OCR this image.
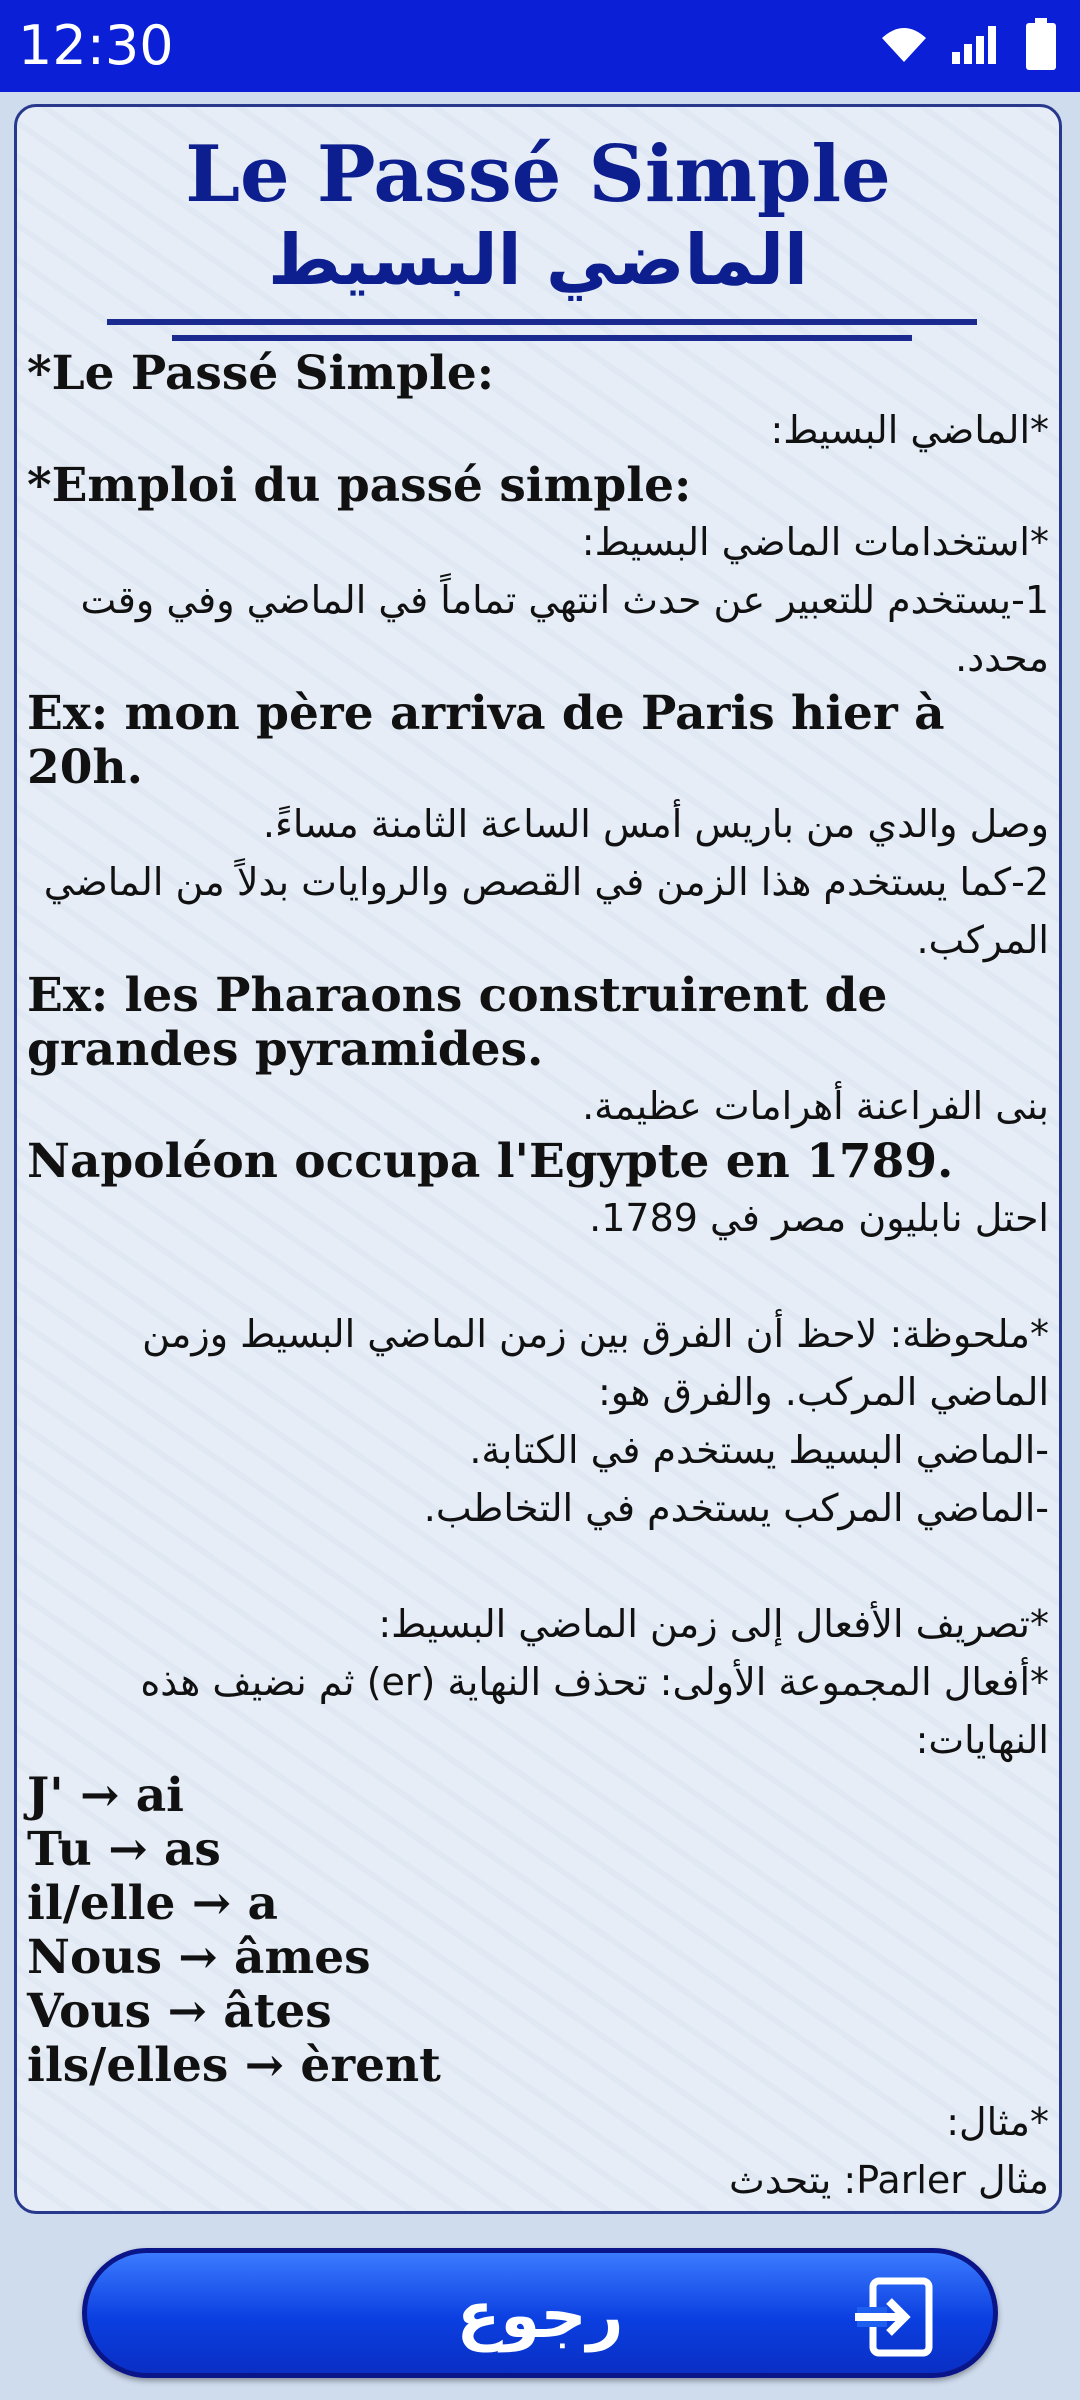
12:30
Le Passé Simple
الماضي البسيط
*Le Passé Simple:
*الماضي البسيط:
*Emploi du passé simple:
*استخدامات الماضي البسيط:
1-يستخدم للتعبير عن حدث انتهي تماماً في الماضي وفي وقت محدد.
Ex: mon père arriva de Paris hier à 20h.
وصل والدي من باريس أمس الساعة الثامنة مساءً.
2-كما يستخدم هذا الزمن في القصص والروايات بدلاً من الماضي المركب.
Ex: les Pharaons construirent de grandes pyramides.
بنى الفراعنة أهرامات عظيمة.
Napoléon occupa l'Egypte en 1789.
احتل نابليون مصر في 1789.
*ملحوظة: لاحظ أن الفرق بين زمن الماضي البسيط وزمن الماضي المركب. والفرق هو:
-الماضي البسيط يستخدم في الكتابة.
-الماضي المركب يستخدم في التخاطب.
*تصريف الأفعال إلى زمن الماضي البسيط:
*أفعال المجموعة الأولى: تحذف النهاية (er) ثم نضيف هذه النهايات:
J' → ai
Tu → as
il/elle → a
Nous → âmes
Vous → âtes
ils/elles → èrent
*مثال:
مثال Parler: يتحدث
رجوع
